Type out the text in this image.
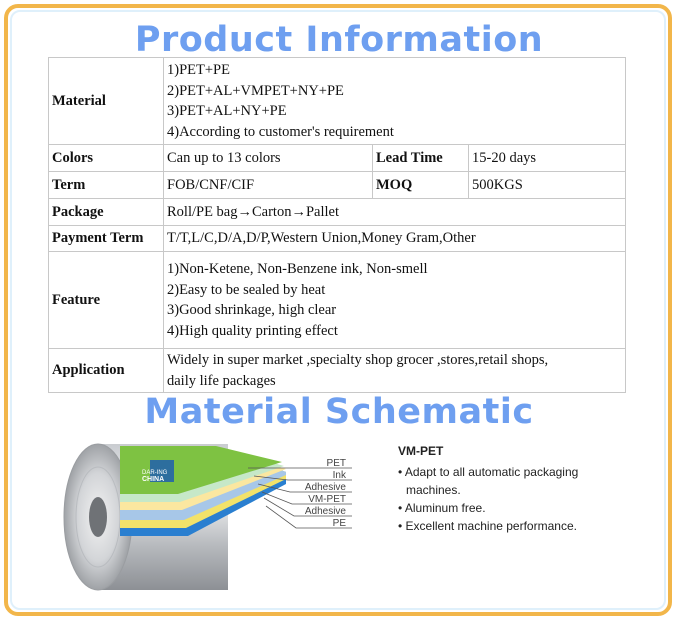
Product Information
Material	1)PET+PE
2)PET+AL+VMPET+NY+PE
3)PET+AL+NY+PE
4)According to customer's requirement		

Colors	Can up to 13 colors	Lead Time	15-20 days
Term	FOB/CNF/CIF	MOQ	500KGS
Package	Roll/PE bag→Carton→Pallet		
Payment Term	T/T,L/C,D/A,D/P,Western Union,Money Gram,Other		
Feature	1)Non-Ketene, Non-Benzene ink, Non-smell
2)Easy to be sealed by heat
3)Good shrinkage, high clear
4)High quality printing effect		

Application	Widely in super market ,specialty shop grocer ,stores,retail shops,
daily life packages		
Material Schematic
DAR-ING
CHINA
PET
Ink
Adhesive
VM-PET
Adhesive
PE
VM-PET
• Adapt to all automatic packaging machines.
• Aluminum free.
• Excellent machine performance.
